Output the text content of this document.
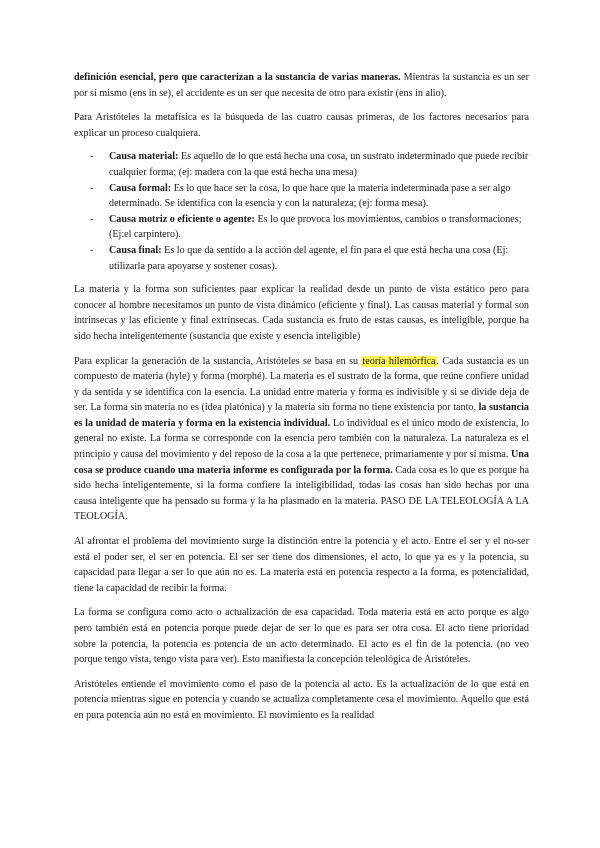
definición esencial, pero que caracterizan a la sustancia de varias maneras. Mientras la sustancia es un ser por sí mismo (ens in se), el accidente es un ser que necesita de otro para existir (ens in alio).

Para Aristóteles la metafísica es la búsqueda de las cuatro causas primeras, de los factores necesarios para explicar un proceso cualquiera.

- Causa material: Es aquello de lo que está hecha una cosa, un sustrato indeterminado que puede recibir cualquier forma; (ej: madera con la que está hecha una mesa)
- Causa formal: Es lo que hace ser la cosa, lo que hace que la materia indeterminada pase a ser algo determinado. Se identifica con la esencia y con la naturaleza; (ej: forma mesa).
- Causa motriz o eficiente o agente: Es lo que provoca los movimientos, cambios o transformaciones; (Ej:el carpintero).
- Causa final: Es lo que da sentido a la acción del agente, el fin para el que está hecha una cosa (Ej: utilizarla para apoyarse y sostener cosas).

La materia y la forma son suficientes paar explicar la realidad desde un punto de vista estático pero para conocer al hombre necesitamos un punto de vista dinámico (eficiente y final). Las causas material y formal son intrínsecas y las eficiente y final extrínsecas. Cada sustancia es fruto de estas causas, es inteligible, porque ha sido hecha inteligentemente (sustancia que existe y esencia inteligible)

Para explicar la generación de la sustancia, Aristóteles se basa en su teoría hilemórfica. Cada sustancia es un compuesto de materia (hyle) y forma (morphé). La materia es el sustrato de la forma, que reúne confiere unidad y da sentida y se identifica con la esencia. La unidad entre materia y forma es indivisible y si se divide deja de ser. La forma sin materia no es (idea platónica) y la materia sin forma no tiene existencia por tanto, la sustancia es la unidad de materia y forma en la existencia individual. Lo individual es el único modo de existencia, lo general no existe. La forma se corresponde con la esencia pero también con la naturaleza. La naturaleza es el principio y causa del movimiento y del reposo de la cosa a la que pertenece, primariamente y por sí misma. Una cosa se produce cuando una materia informe es configurada por la forma. Cada cosa es lo que es porque ha sido hecha inteligentemente, si la forma confiere la inteligibilidad, todas las cosas han sido hechas por una causa inteligente que ha pensado su forma y la ha plasmado en la materia. PASO DE LA TELEOLOGÍA A LA TEOLOGÍA.

Al afrontar el problema del movimiento surge la distinción entre la potencia y el acto. Entre el ser y el no-ser está el poder ser, el ser en potencia. El ser ser tiene dos dimensiones, el acto, lo que ya es y la potencia, su capacidad para llegar a ser lo que aún no es. La materia está en potencia respecto a la forma, es potencialidad, tiene la capacidad de recibir la forma.

La forma se configura como acto o actualización de esa capacidad. Toda materia está en acto porque es algo pero también está en potencia porque puede dejar de ser lo que es para ser otra cosa. El acto tiene prioridad sobre la potencia, la potencia es potencia de un acto determinado. El acto es el fin de la potencia. (no veo porque tengo vista, tengo vista para ver). Esto manifiesta la concepción teleológica de Aristóteles.

Aristóteles entiende el movimiento como el paso de la potencia al acto. Es la actualización de lo que está en potencia mientras sigue en potencia y cuando se actualiza completamente cesa el movimiento. Aquello que está en pura potencia aún no está en movimiento. El movimiento es la realidad
